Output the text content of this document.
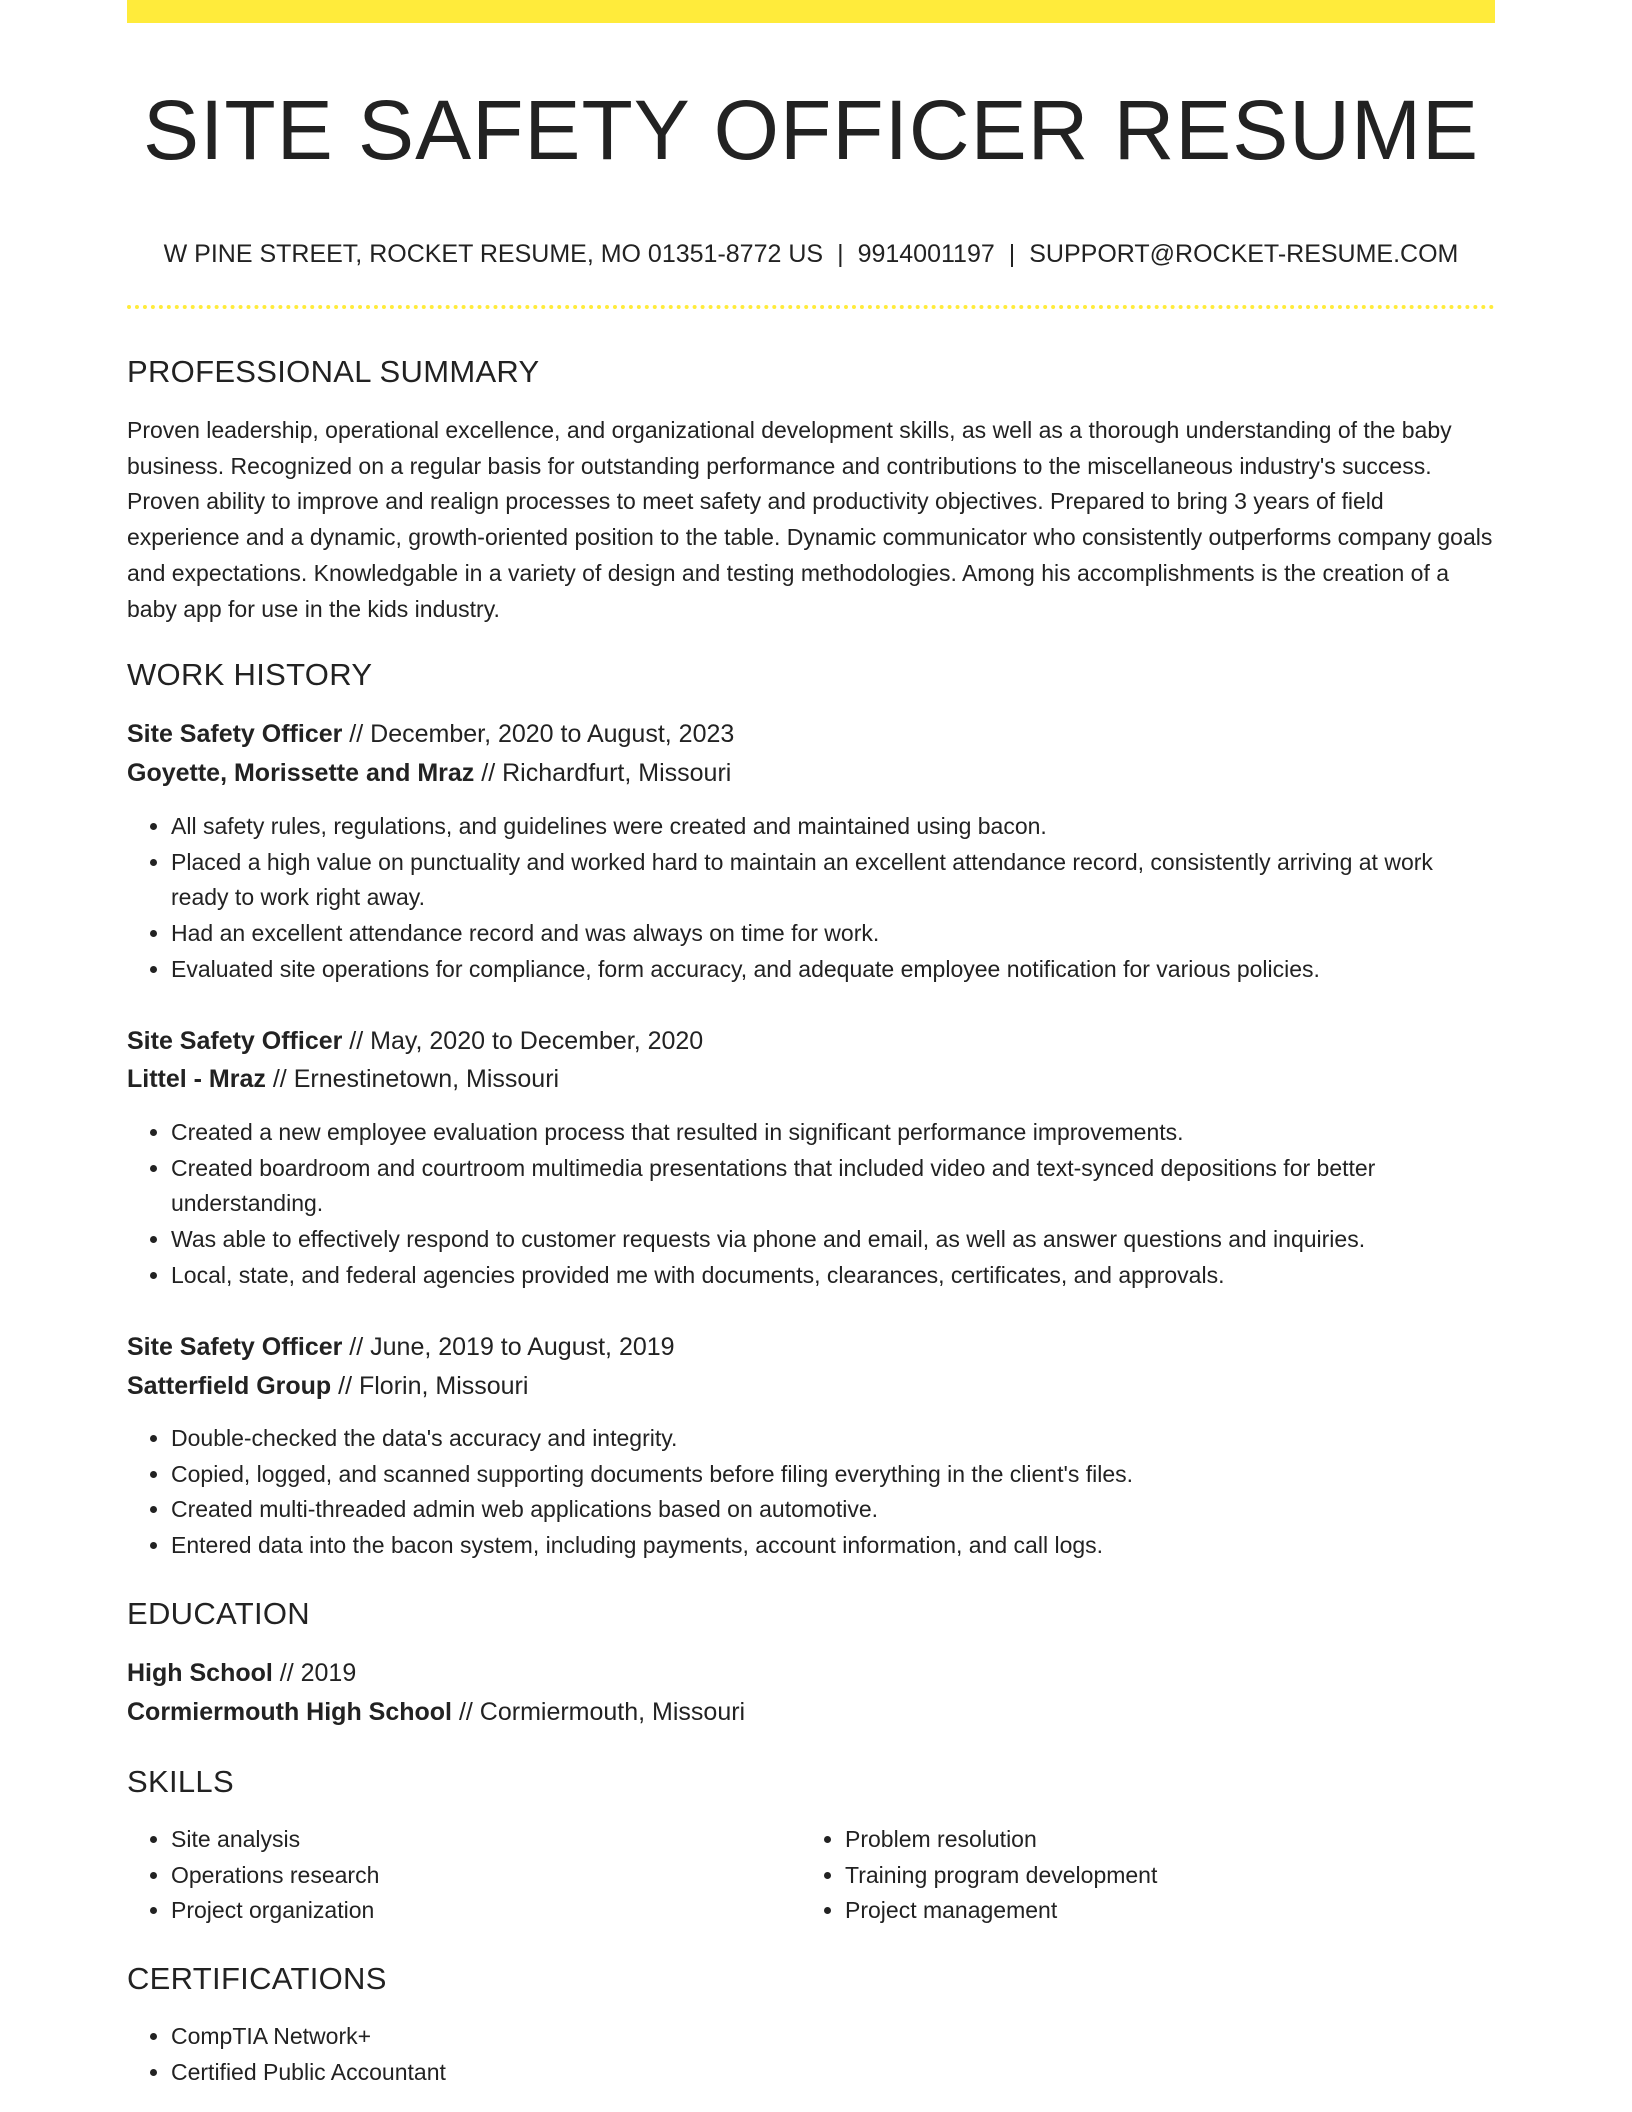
SITE SAFETY OFFICER RESUME
W PINE STREET, ROCKET RESUME, MO 01351-8772 US | 9914001197 | SUPPORT@ROCKET-RESUME.COM
PROFESSIONAL SUMMARY

Proven leadership, operational excellence, and organizational development skills, as well as a thorough understanding of the baby business. Recognized on a regular basis for outstanding performance and contributions to the miscellaneous industry's success. Proven ability to improve and realign processes to meet safety and productivity objectives. Prepared to bring 3 years of field experience and a dynamic, growth-oriented position to the table. Dynamic communicator who consistently outperforms company goals and expectations. Knowledgable in a variety of design and testing methodologies. Among his accomplishments is the creation of a baby app for use in the kids industry.

WORK HISTORY
Site Safety Officer // December, 2020 to August, 2023
Goyette, Morissette and Mraz // Richardfurt, Missouri
• All safety rules, regulations, and guidelines were created and maintained using bacon.
• Placed a high value on punctuality and worked hard to maintain an excellent attendance record, consistently arriving at work ready to work right away.
• Had an excellent attendance record and was always on time for work.
• Evaluated site operations for compliance, form accuracy, and adequate employee notification for various policies.
Site Safety Officer // May, 2020 to December, 2020
Littel - Mraz // Ernestinetown, Missouri
• Created a new employee evaluation process that resulted in significant performance improvements.
• Created boardroom and courtroom multimedia presentations that included video and text-synced depositions for better understanding.
• Was able to effectively respond to customer requests via phone and email, as well as answer questions and inquiries.
• Local, state, and federal agencies provided me with documents, clearances, certificates, and approvals.
Site Safety Officer // June, 2019 to August, 2019
Satterfield Group // Florin, Missouri
• Double-checked the data's accuracy and integrity.
• Copied, logged, and scanned supporting documents before filing everything in the client's files.
• Created multi-threaded admin web applications based on automotive.
• Entered data into the bacon system, including payments, account information, and call logs.
EDUCATION
High School // 2019
Cormiermouth High School // Cormiermouth, Missouri
SKILLS
• Site analysis
• Operations research
• Project organization
• Problem resolution
• Training program development
• Project management
CERTIFICATIONS
• CompTIA Network+
• Certified Public Accountant
